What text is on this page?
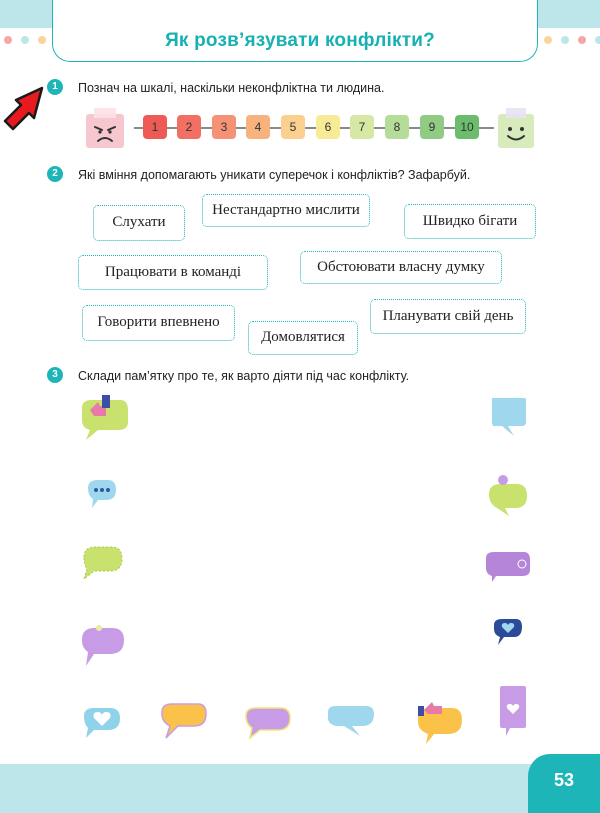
Як розв’язувати конфлікти?
1	Познач на шкалі, наскільки неконфліктна ти людина.
1	2	3	4	5	6	7	8	9	10
2	Які вміння допомагають уникати суперечок і конфліктів? Зафарбуй.
Слухати
Нестандартно мислити
Швидко бігати
Працювати в команді	Обстоювати власну думку
Говорити впевнено
Домовлятися
Планувати свій день
3	Склади пам’ятку про те, як варто діяти під час конфлікту.
53
